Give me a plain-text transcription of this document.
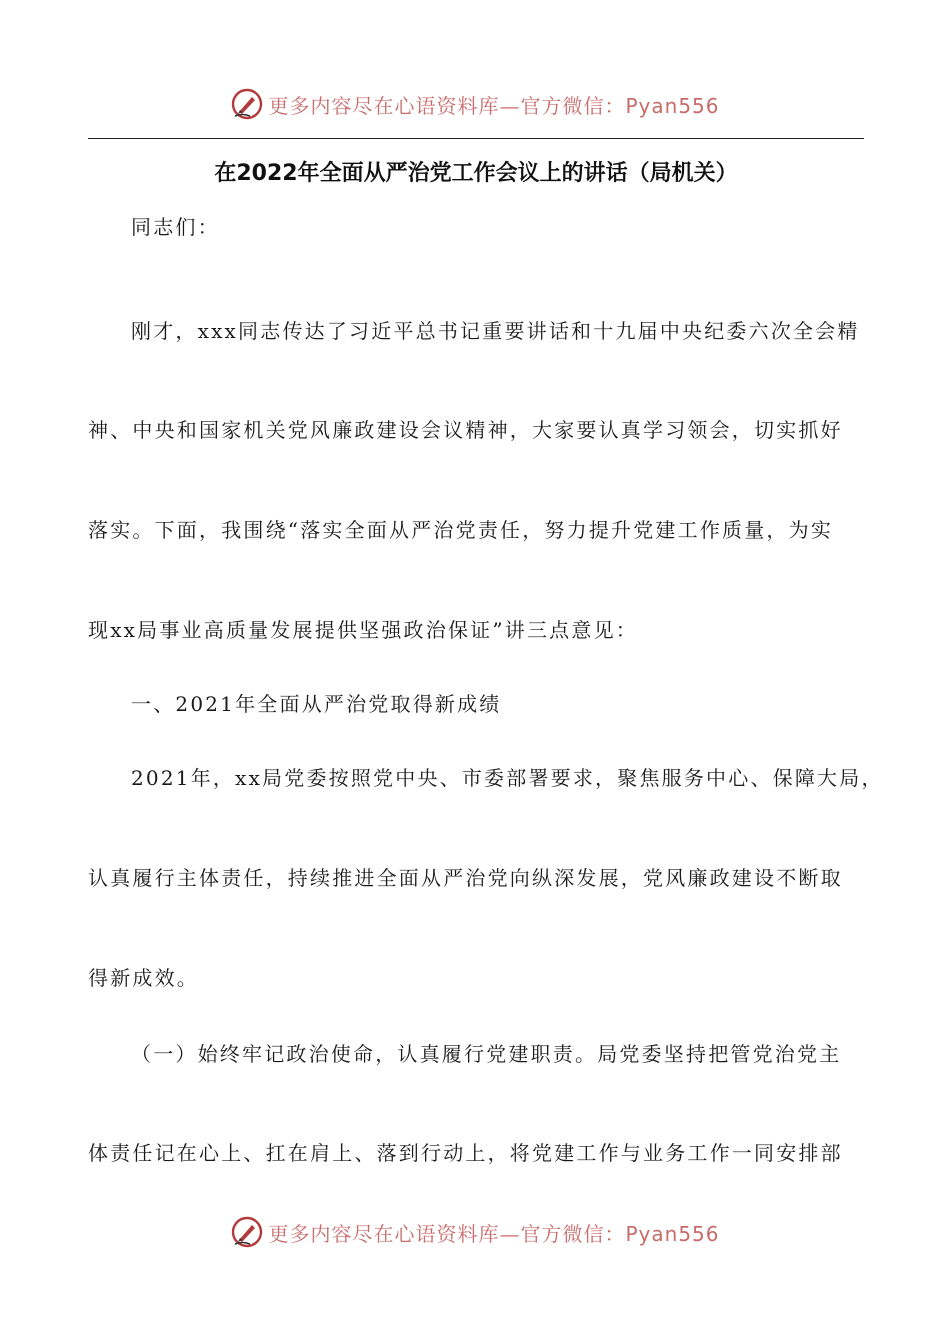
更多内容尽在心语资料库—官方微信：Pyan556
在2022年全面从严治党工作会议上的讲话（局机关）
同志们：
刚才，xxx同志传达了习近平总书记重要讲话和十九届中央纪委六次全会精
神、中央和国家机关党风廉政建设会议精神，大家要认真学习领会，切实抓好
落实。下面，我围绕“落实全面从严治党责任，努力提升党建工作质量，为实
现xx局事业高质量发展提供坚强政治保证”讲三点意见：
一、2021年全面从严治党取得新成绩
2021年，xx局党委按照党中央、市委部署要求，聚焦服务中心、保障大局，
认真履行主体责任，持续推进全面从严治党向纵深发展，党风廉政建设不断取
得新成效。
（一）始终牢记政治使命，认真履行党建职责。局党委坚持把管党治党主
体责任记在心上、扛在肩上、落到行动上，将党建工作与业务工作一同安排部
更多内容尽在心语资料库—官方微信：Pyan556
